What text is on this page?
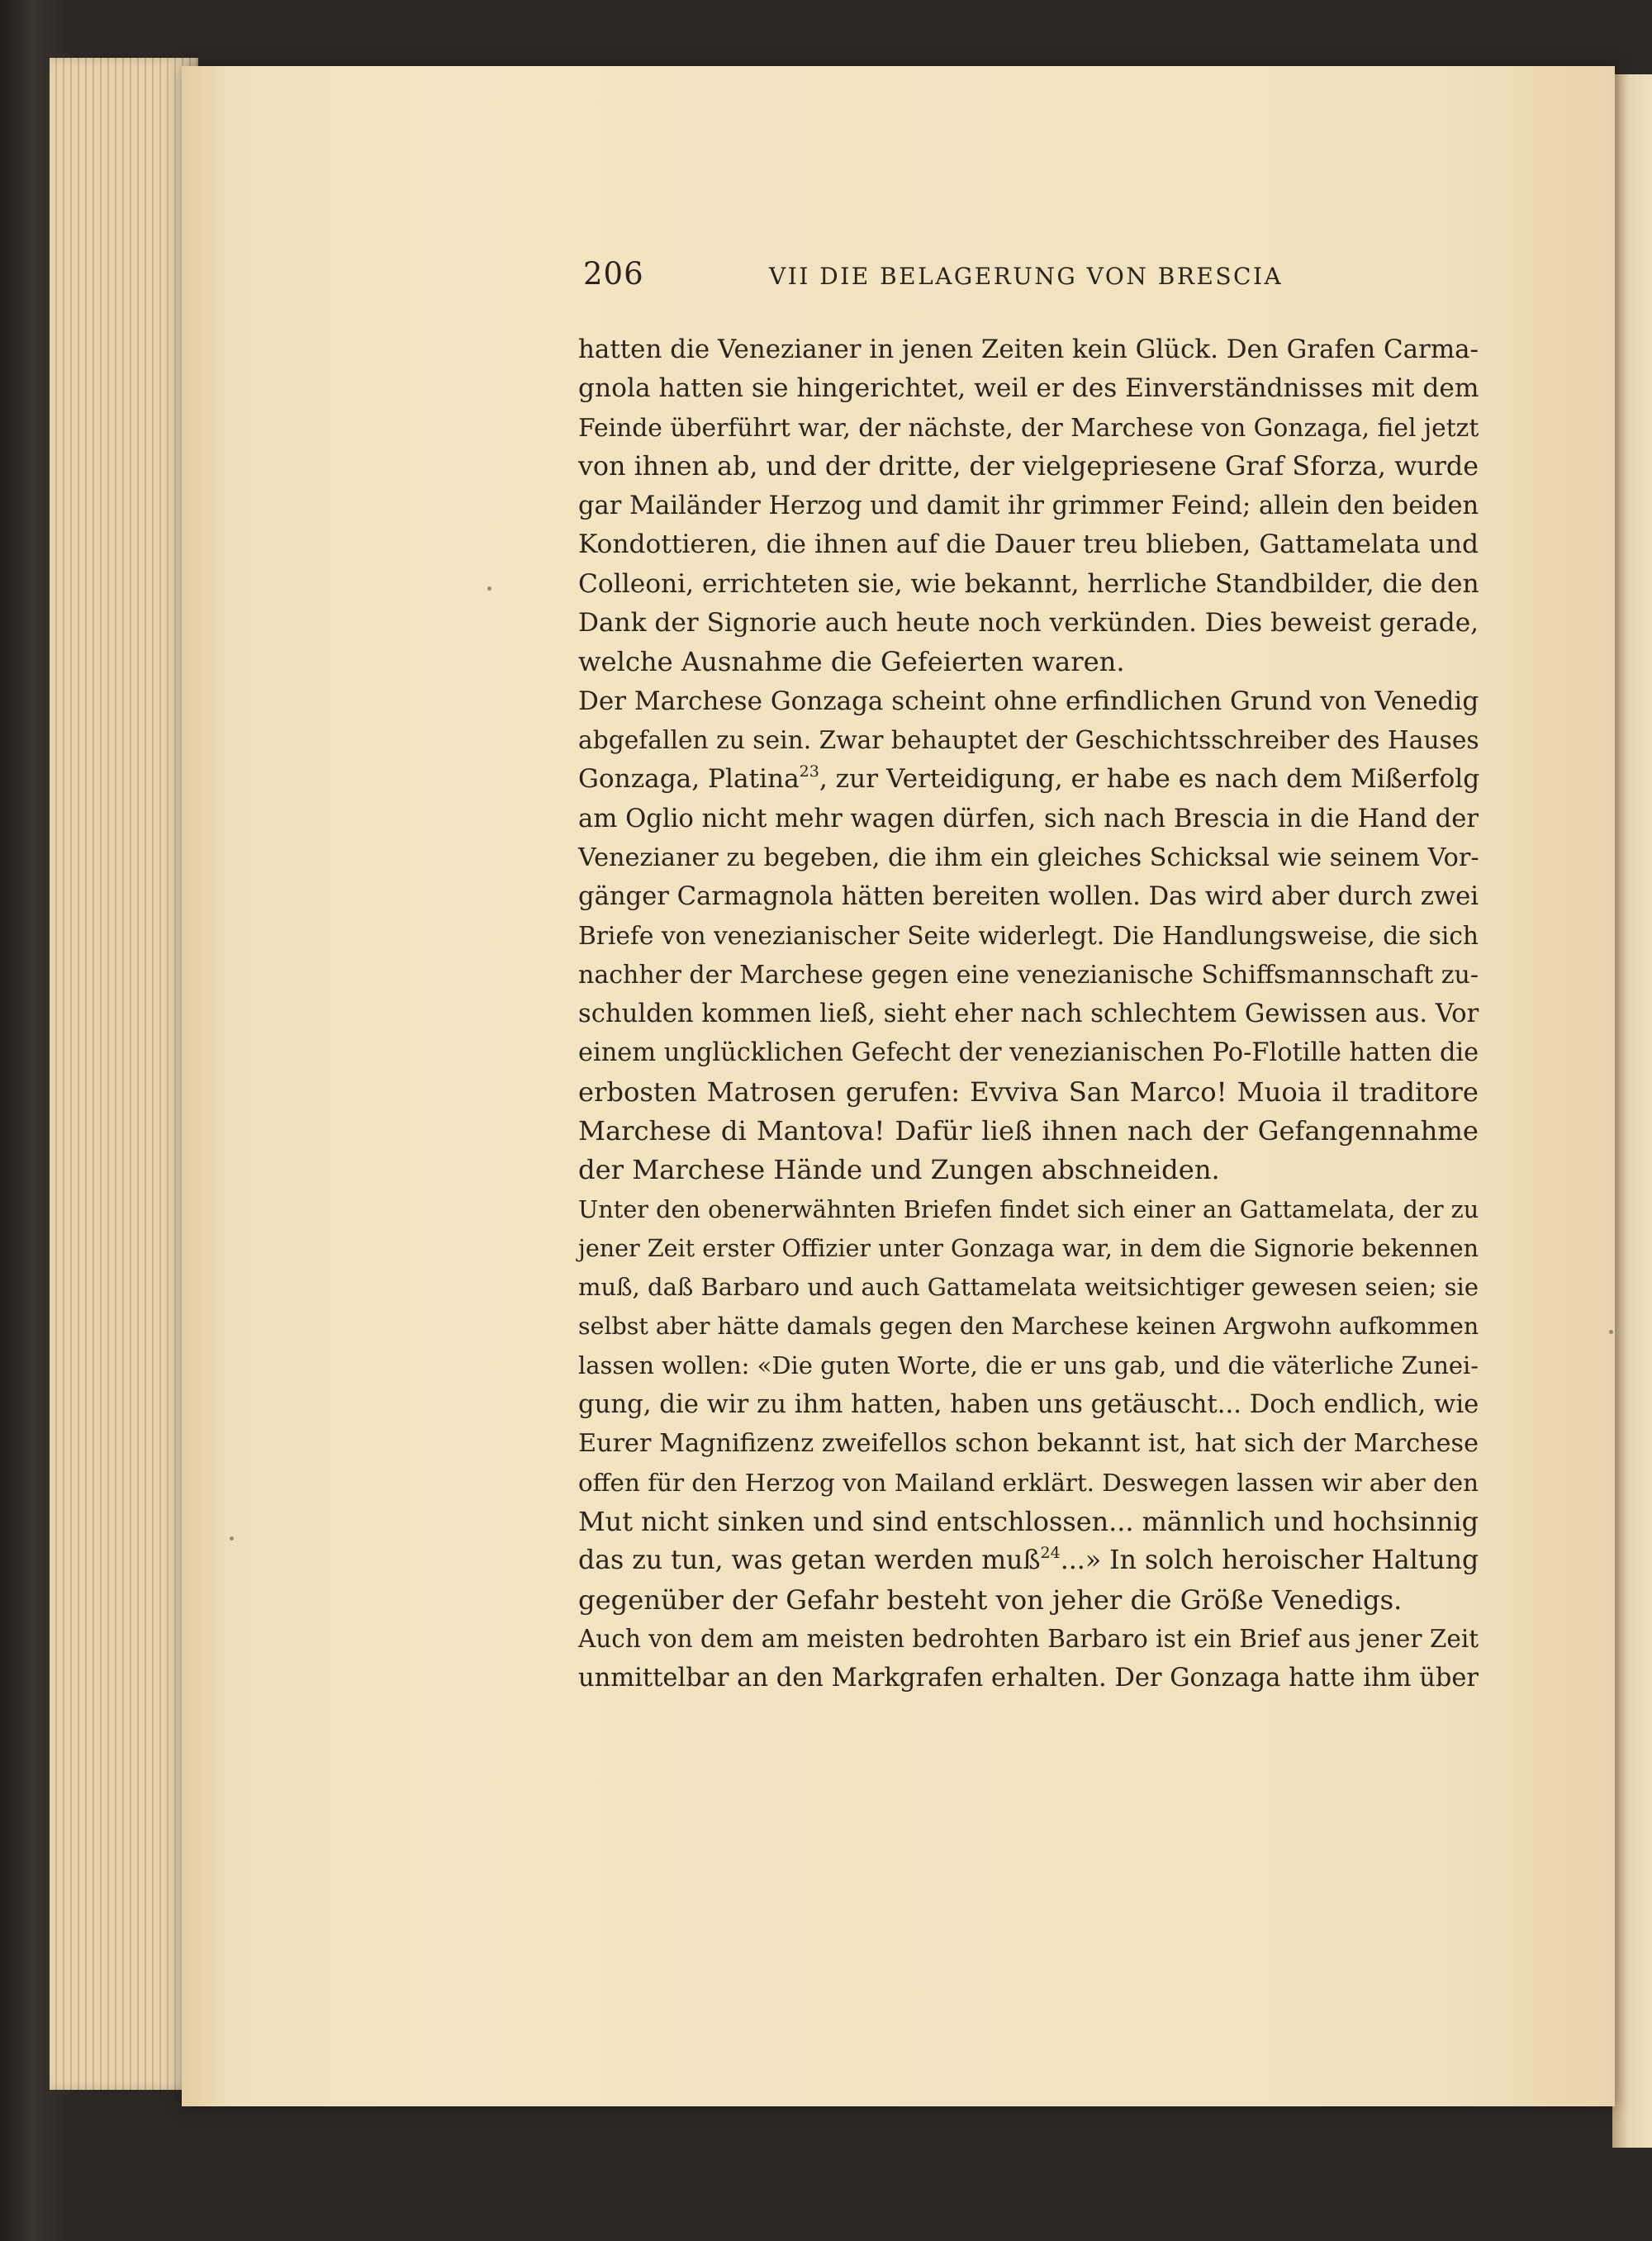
206	VII DIE BELAGERUNG VON BRESCIA
hatten die Venezianer in jenen Zeiten kein Glück. Den Grafen Carma-
gnola hatten sie hingerichtet, weil er des Einverständnisses mit dem
Feinde überführt war, der nächste, der Marchese von Gonzaga, fiel jetzt
von ihnen ab, und der dritte, der vielgepriesene Graf Sforza, wurde
gar Mailänder Herzog und damit ihr grimmer Feind; allein den beiden
Kondottieren, die ihnen auf die Dauer treu blieben, Gattamelata und
Colleoni, errichteten sie, wie bekannt, herrliche Standbilder, die den
Dank der Signorie auch heute noch verkünden. Dies beweist gerade,
welche Ausnahme die Gefeierten waren.
Der Marchese Gonzaga scheint ohne erfindlichen Grund von Venedig
abgefallen zu sein. Zwar behauptet der Geschichtsschreiber des Hauses
Gonzaga, Platina$^{23}$, zur Verteidigung, er habe es nach dem Mißerfolg
am Oglio nicht mehr wagen dürfen, sich nach Brescia in die Hand der
Venezianer zu begeben, die ihm ein gleiches Schicksal wie seinem Vor-
gänger Carmagnola hätten bereiten wollen. Das wird aber durch zwei
Briefe von venezianischer Seite widerlegt. Die Handlungsweise, die sich
nachher der Marchese gegen eine venezianische Schiffsmannschaft zu-
schulden kommen ließ, sieht eher nach schlechtem Gewissen aus. Vor
einem unglücklichen Gefecht der venezianischen Po-Flotille hatten die
erbosten Matrosen gerufen: Evviva San Marco! Muoia il traditore
Marchese di Mantova! Dafür ließ ihnen nach der Gefangennahme
der Marchese Hände und Zungen abschneiden.
Unter den obenerwähnten Briefen findet sich einer an Gattamelata, der zu
jener Zeit erster Offizier unter Gonzaga war, in dem die Signorie bekennen
muß, daß Barbaro und auch Gattamelata weitsichtiger gewesen seien; sie
selbst aber hätte damals gegen den Marchese keinen Argwohn aufkommen
lassen wollen: «Die guten Worte, die er uns gab, und die väterliche Zunei-
gung, die wir zu ihm hatten, haben uns getäuscht... Doch endlich, wie
Eurer Magnifizenz zweifellos schon bekannt ist, hat sich der Marchese
offen für den Herzog von Mailand erklärt. Deswegen lassen wir aber den
Mut nicht sinken und sind entschlossen... männlich und hochsinnig
das zu tun, was getan werden muß$^{24}$...» In solch heroischer Haltung
gegenüber der Gefahr besteht von jeher die Größe Venedigs.
Auch von dem am meisten bedrohten Barbaro ist ein Brief aus jener Zeit
unmittelbar an den Markgrafen erhalten. Der Gonzaga hatte ihm über
